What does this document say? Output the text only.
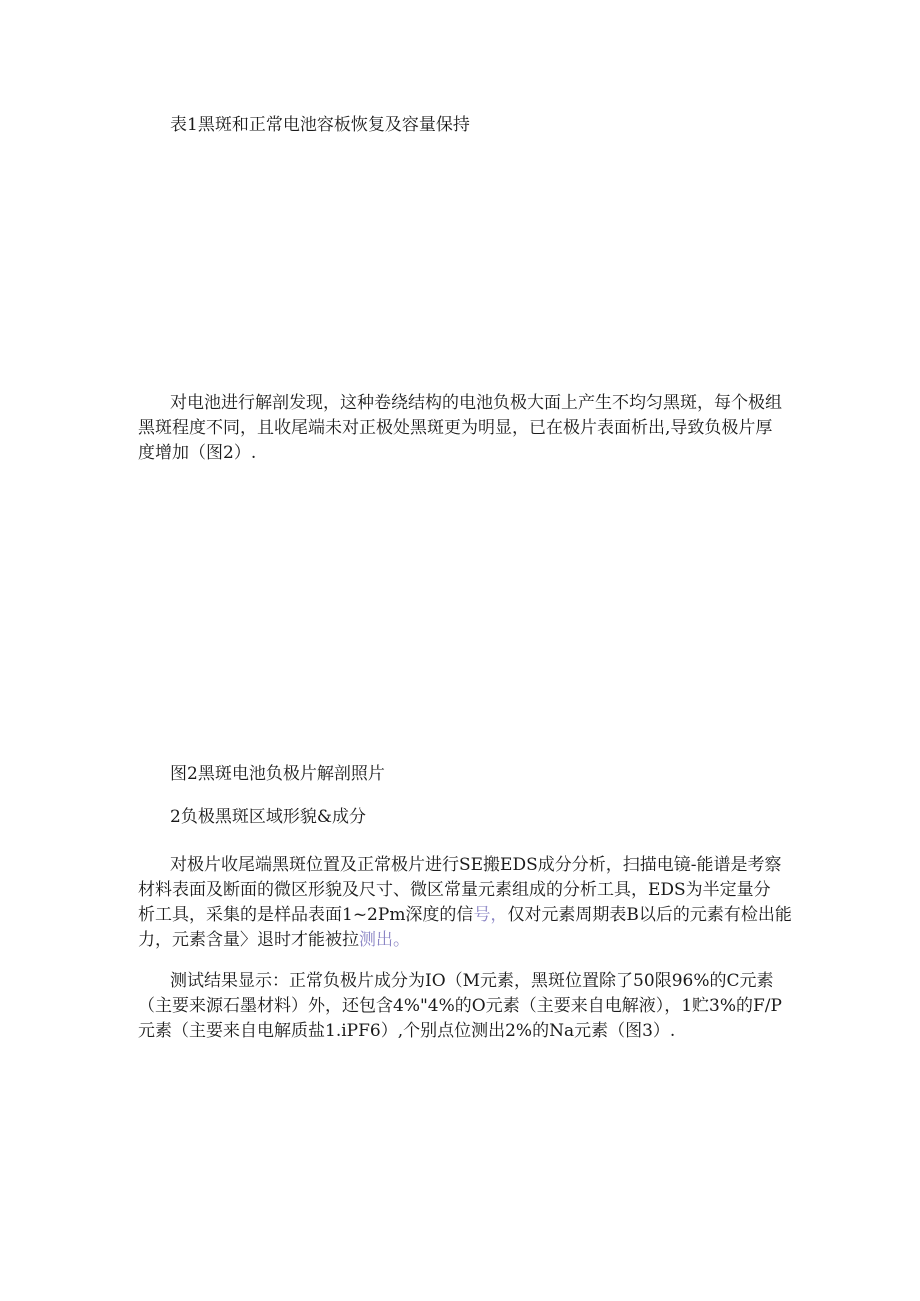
表1黑斑和正常电池容板恢复及容量保持
对电池进行解剖发现，这种卷绕结构的电池负极大面上产生不均匀黑斑，每个极组
黑斑程度不同，且收尾端未对正极处黑斑更为明显，已在极片表面析出,导致负极片厚
度增加（图2）.
图2黑斑电池负极片解剖照片
2负极黑斑区域形貌&成分
对极片收尾端黑斑位置及正常极片进行SE搬EDS成分分析，扫描电镜-能谱是考察
材料表面及断面的微区形貌及尺寸、微区常量元素组成的分析工具，EDS为半定量分
析工具，采集的是样品表面1~2Pm深度的信号，仅对元素周期表B以后的元素有检出能
力，元素含量〉退时才能被拉测出。
测试结果显示：正常负极片成分为IO（M元素，黑斑位置除了50限96%的C元素
（主要来源石墨材料）外，还包含4%"4%的O元素（主要来自电解液），1贮3%的F/P
元素（主要来自电解质盐1.iPF6）,个别点位测出2%的Na元素（图3）.
